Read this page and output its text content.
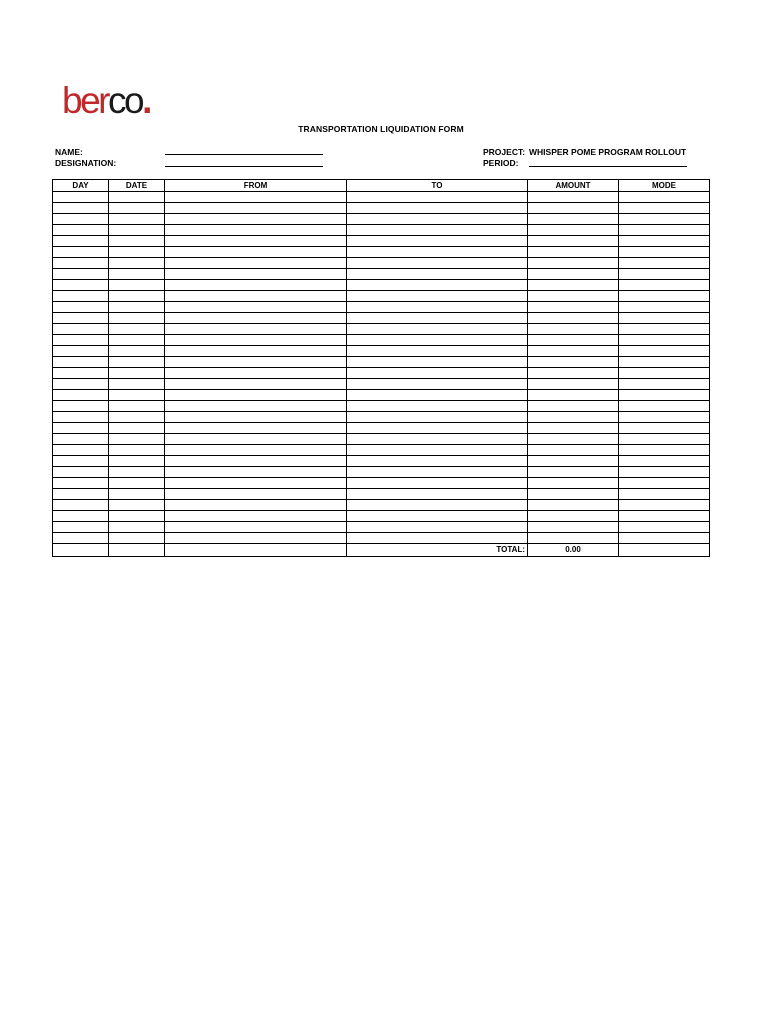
berco.
TRANSPORTATION LIQUIDATION FORM
NAME:
DESIGNATION:
PROJECT: WHISPER POME PROGRAM ROLLOUT
PERIOD:
DAY	DATE	FROM	TO	AMOUNT	MODE

			TOTAL:	0.00	
